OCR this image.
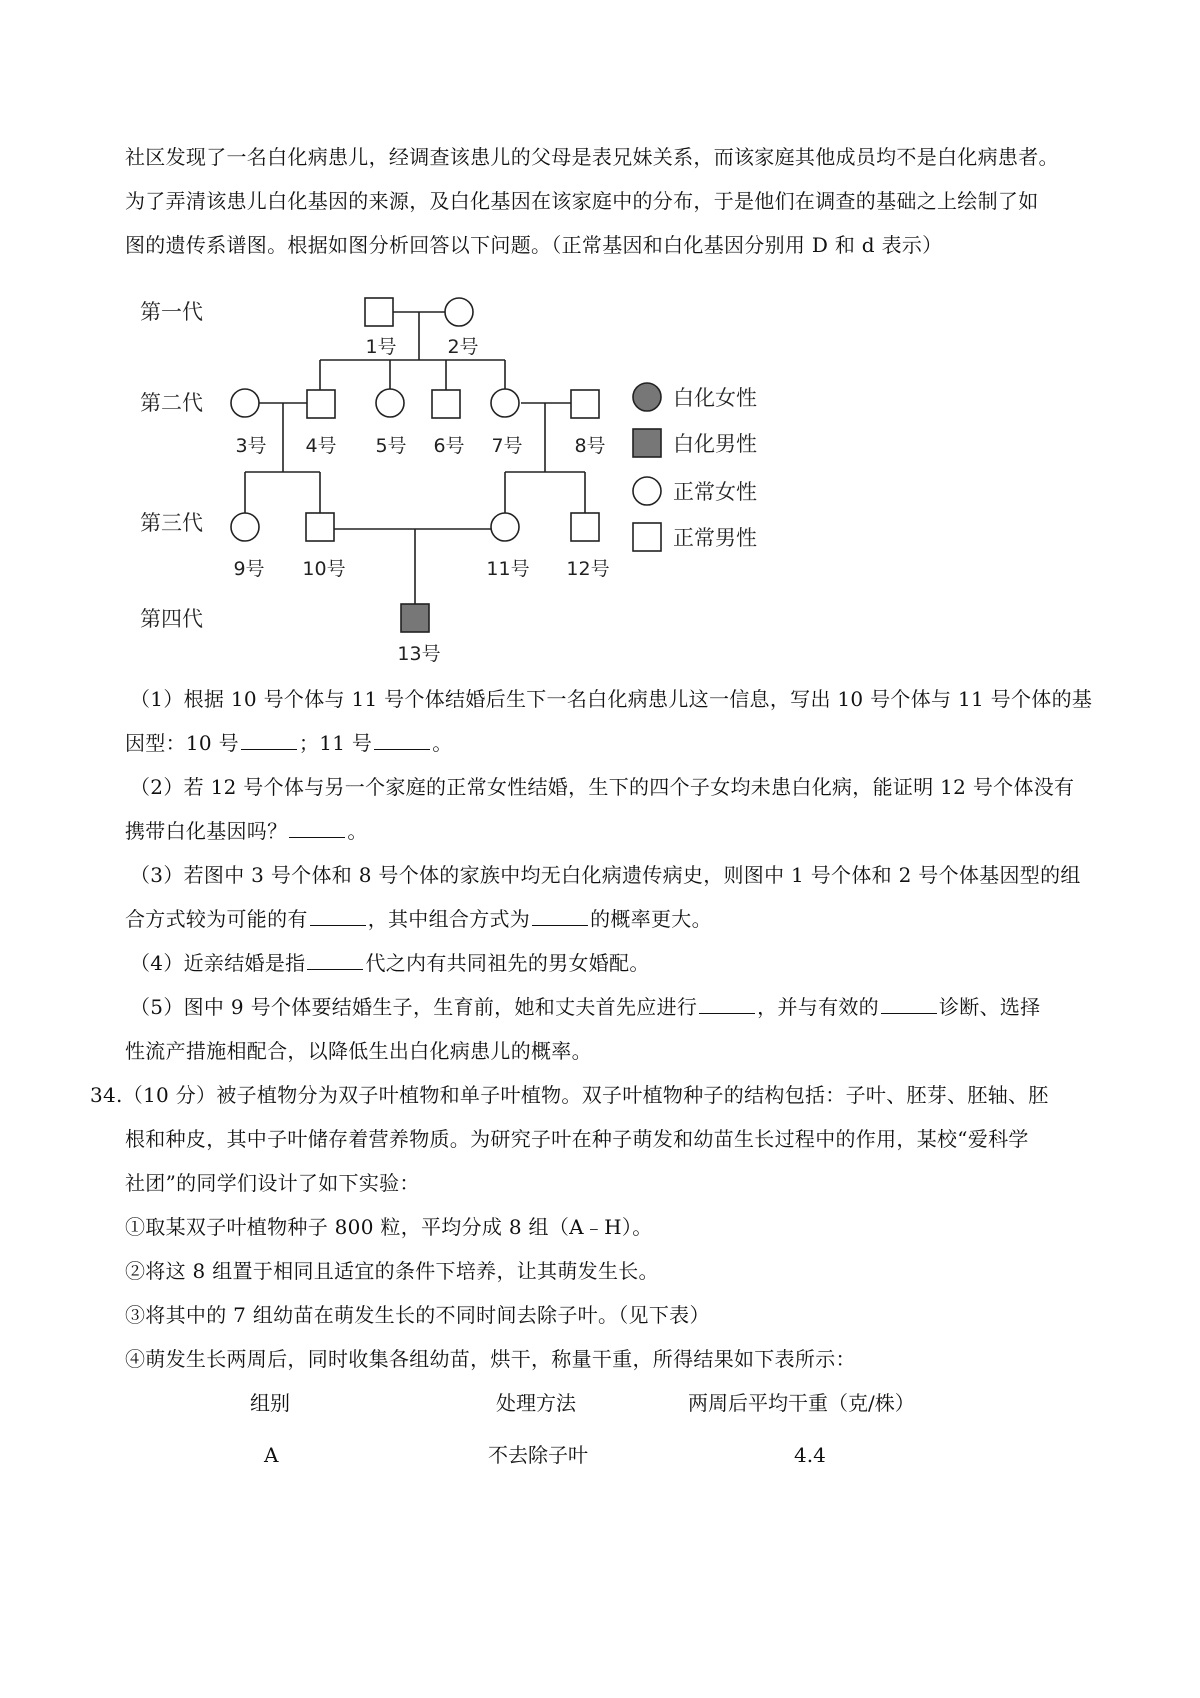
社区发现了一名白化病患儿，经调查该患儿的父母是表兄妹关系，而该家庭其他成员均不是白化病患者。
为了弄清该患儿白化基因的来源，及白化基因在该家庭中的分布，于是他们在调查的基础之上绘制了如
图的遗传系谱图。根据如图分析回答以下问题。（正常基因和白化基因分别用 D 和 d 表示）
第一代
第二代
第三代
第四代
1号	2号
3号 4号 5号 6号 7号	8号
9号 10号	11号 12号
13号
白化女性
白化男性
正常女性
正常男性
（1）根据 10 号个体与 11 号个体结婚后生下一名白化病患儿这一信息，写出 10 号个体与 11 号个体的基
因型：10 号	；11 号	。
（2）若 12 号个体与另一个家庭的正常女性结婚，生下的四个子女均未患白化病，能证明 12 号个体没有
携带白化基因吗？	。
（3）若图中 3 号个体和 8 号个体的家族中均无白化病遗传病史，则图中 1 号个体和 2 号个体基因型的组
合方式较为可能的有	，其中组合方式为	的概率更大。
（4）近亲结婚是指	代之内有共同祖先的男女婚配。
（5）图中 9 号个体要结婚生子，生育前，她和丈夫首先应进行	，并与有效的	诊断、选择
性流产措施相配合，以降低生出白化病患儿的概率。
34.（10 分）被子植物分为双子叶植物和单子叶植物。双子叶植物种子的结构包括：子叶、胚芽、胚轴、胚
根和种皮，其中子叶储存着营养物质。为研究子叶在种子萌发和幼苗生长过程中的作用，某校“爱科学
社团”的同学们设计了如下实验：
①取某双子叶植物种子 800 粒，平均分成 8 组（A﹣H）。
②将这 8 组置于相同且适宜的条件下培养，让其萌发生长。
③将其中的 7 组幼苗在萌发生长的不同时间去除子叶。（见下表）
④萌发生长两周后，同时收集各组幼苗，烘干，称量干重，所得结果如下表所示：
组别	处理方法	两周后平均干重（克/株）
A	不去除子叶	4.4
